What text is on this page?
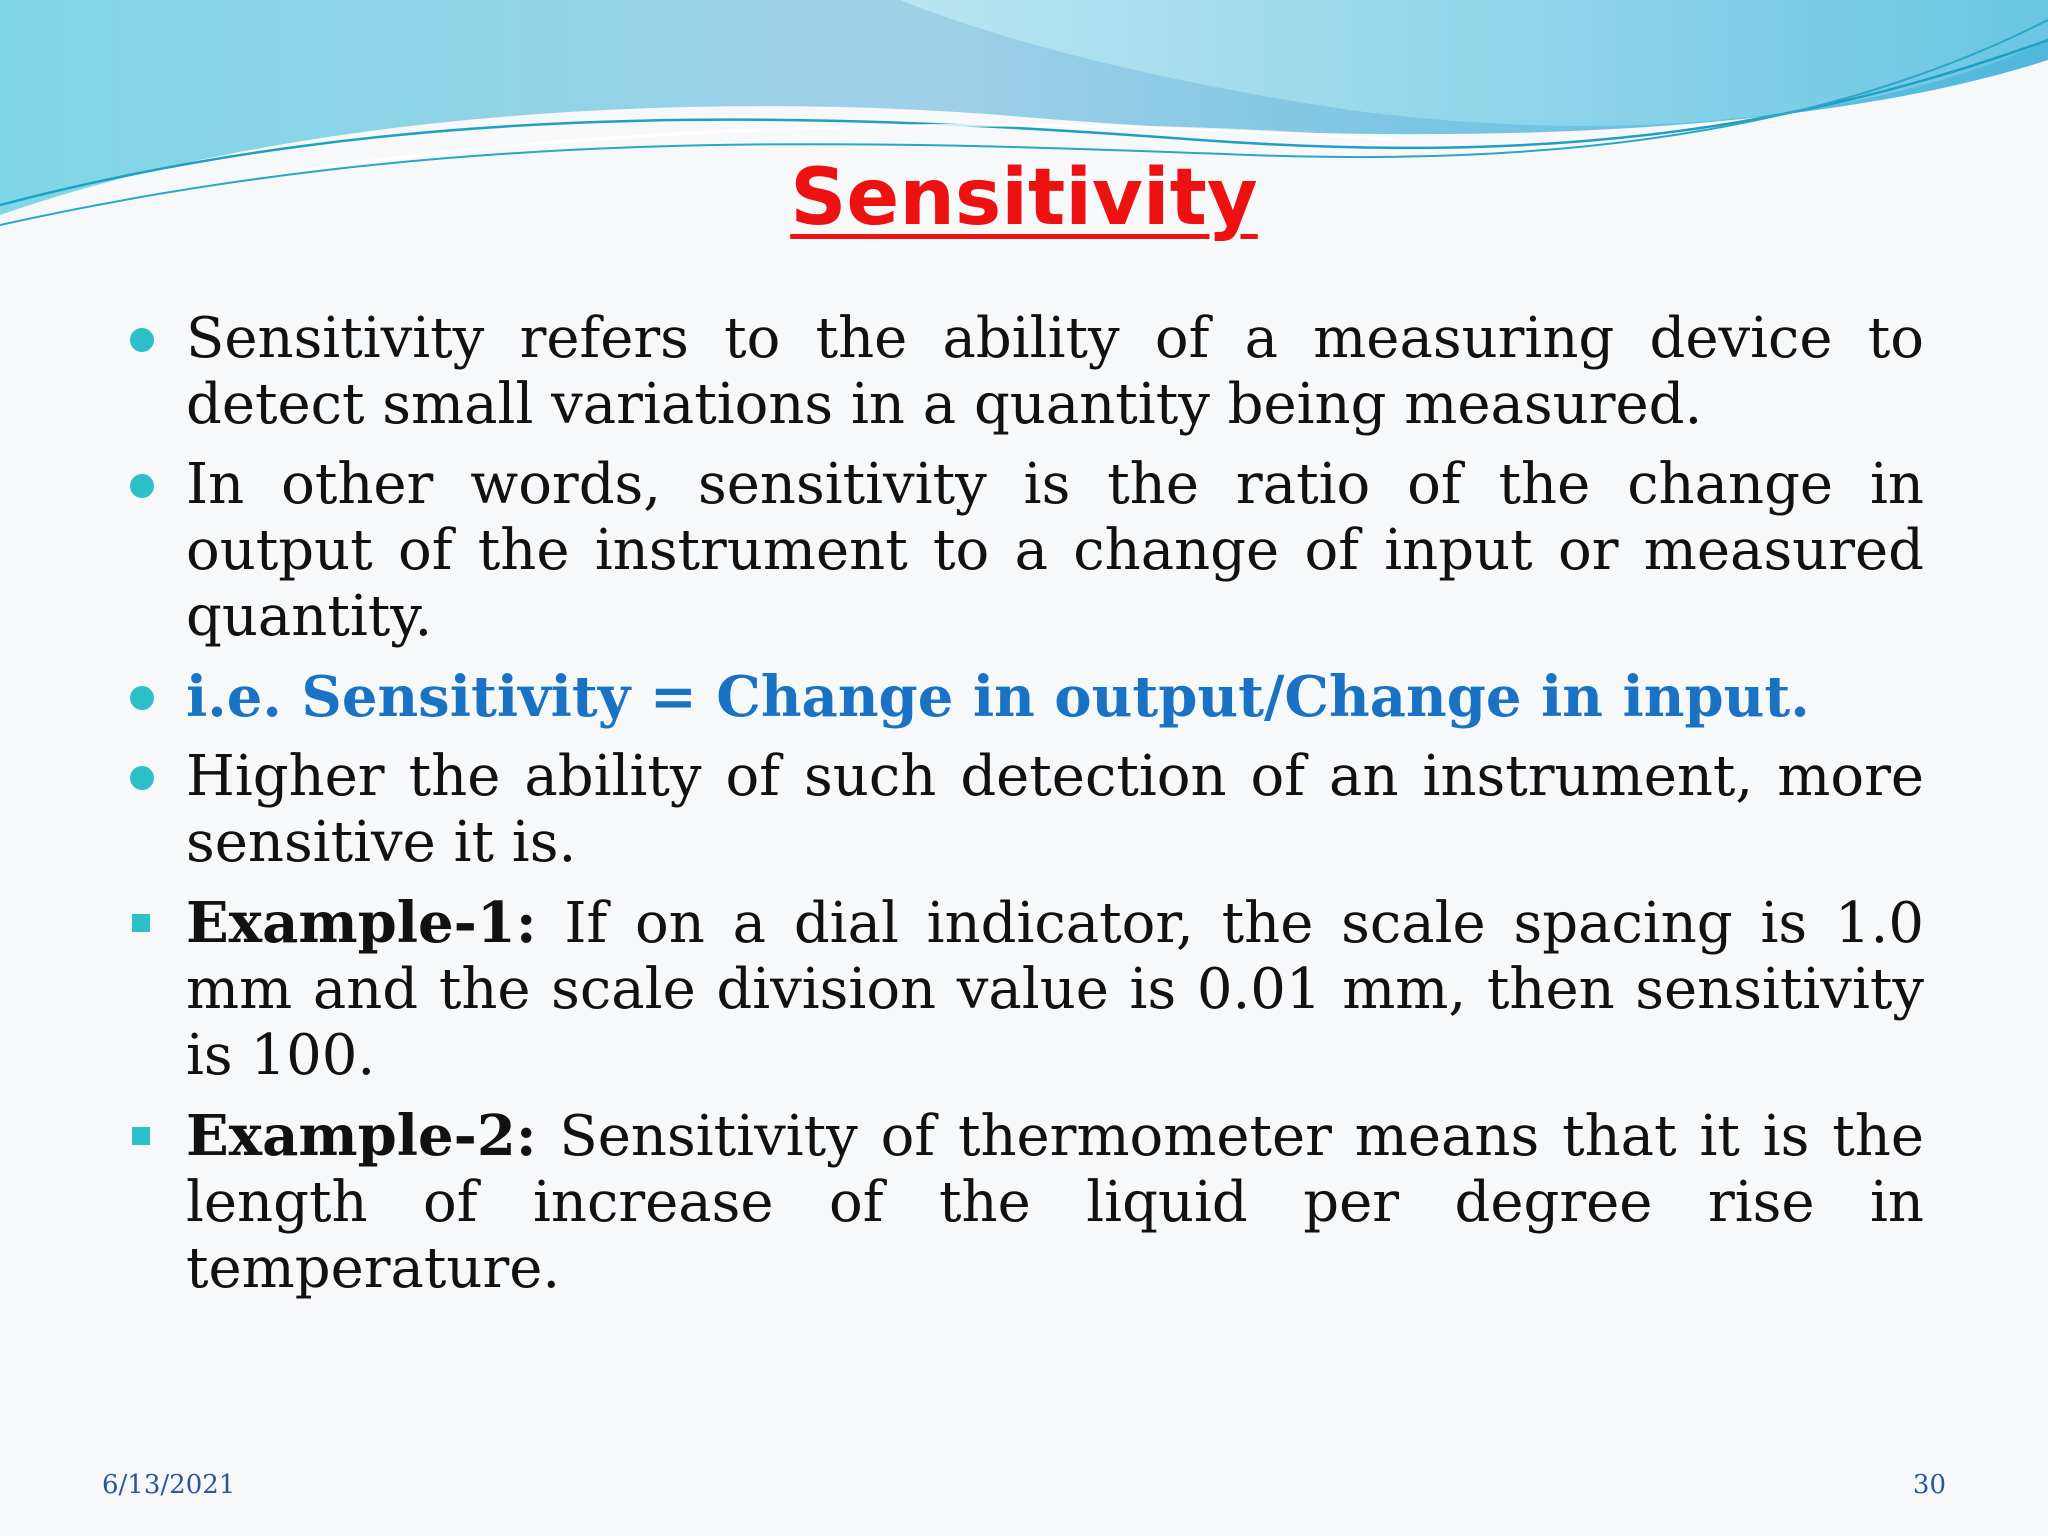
Sensitivity
Sensitivity refers to the ability of a measuring device to detect small variations in a quantity being measured.
In other words, sensitivity is the ratio of the change in output of the instrument to a change of input or measured quantity.
i.e. Sensitivity = Change in output/Change in input.
Higher the ability of such detection of an instrument, more sensitive it is.
Example-1: If on a dial indicator, the scale spacing is 1.0 mm and the scale division value is 0.01 mm, then sensitivity is 100.
Example-2: Sensitivity of thermometer means that it is the length of increase of the liquid per degree rise in temperature.
6/13/2021	30
